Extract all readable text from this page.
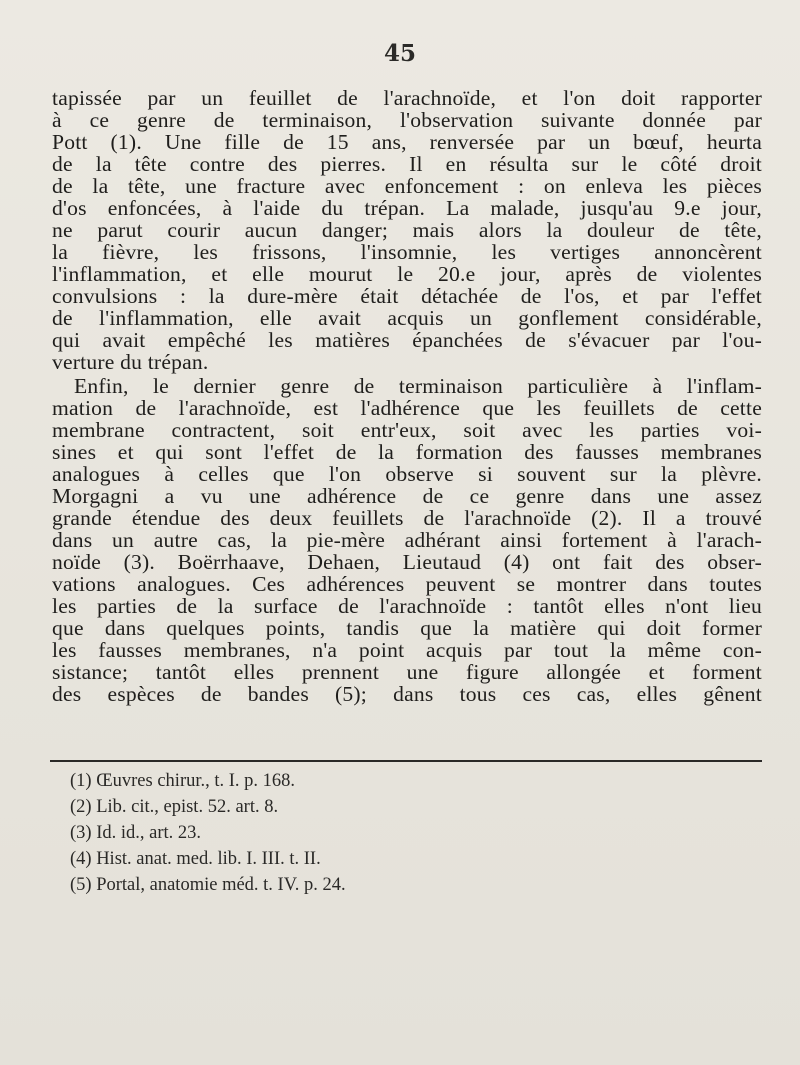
45
tapissée par un feuillet de l'arachnoïde, et l'on doit rapporter
à ce genre de terminaison, l'observation suivante donnée par
Pott (1). Une fille de 15 ans, renversée par un bœuf, heurta
de la tête contre des pierres. Il en résulta sur le côté droit
de la tête, une fracture avec enfoncement : on enleva les pièces
d'os enfoncées, à l'aide du trépan. La malade, jusqu'au 9.e jour,
ne parut courir aucun danger; mais alors la douleur de tête,
la fièvre, les frissons, l'insomnie, les vertiges annoncèrent
l'inflammation, et elle mourut le 20.e jour, après de violentes
convulsions : la dure-mère était détachée de l'os, et par l'effet
de l'inflammation, elle avait acquis un gonflement considérable,
qui avait empêché les matières épanchées de s'évacuer par l'ou-
verture du trépan.
Enfin, le dernier genre de terminaison particulière à l'inflam-
mation de l'arachnoïde, est l'adhérence que les feuillets de cette
membrane contractent, soit entr'eux, soit avec les parties voi-
sines et qui sont l'effet de la formation des fausses membranes
analogues à celles que l'on observe si souvent sur la plèvre.
Morgagni a vu une adhérence de ce genre dans une assez
grande étendue des deux feuillets de l'arachnoïde (2). Il a trouvé
dans un autre cas, la pie-mère adhérant ainsi fortement à l'arach-
noïde (3). Boërrhaave, Dehaen, Lieutaud (4) ont fait des obser-
vations analogues. Ces adhérences peuvent se montrer dans toutes
les parties de la surface de l'arachnoïde : tantôt elles n'ont lieu
que dans quelques points, tandis que la matière qui doit former
les fausses membranes, n'a point acquis par tout la même con-
sistance; tantôt elles prennent une figure allongée et forment
des espèces de bandes (5); dans tous ces cas, elles gênent
(1) Œuvres chirur., t. I. p. 168.
(2) Lib. cit., epist. 52. art. 8.
(3) Id. id., art. 23.
(4) Hist. anat. med. lib. I. III. t. II.
(5) Portal, anatomie méd. t. IV. p. 24.
